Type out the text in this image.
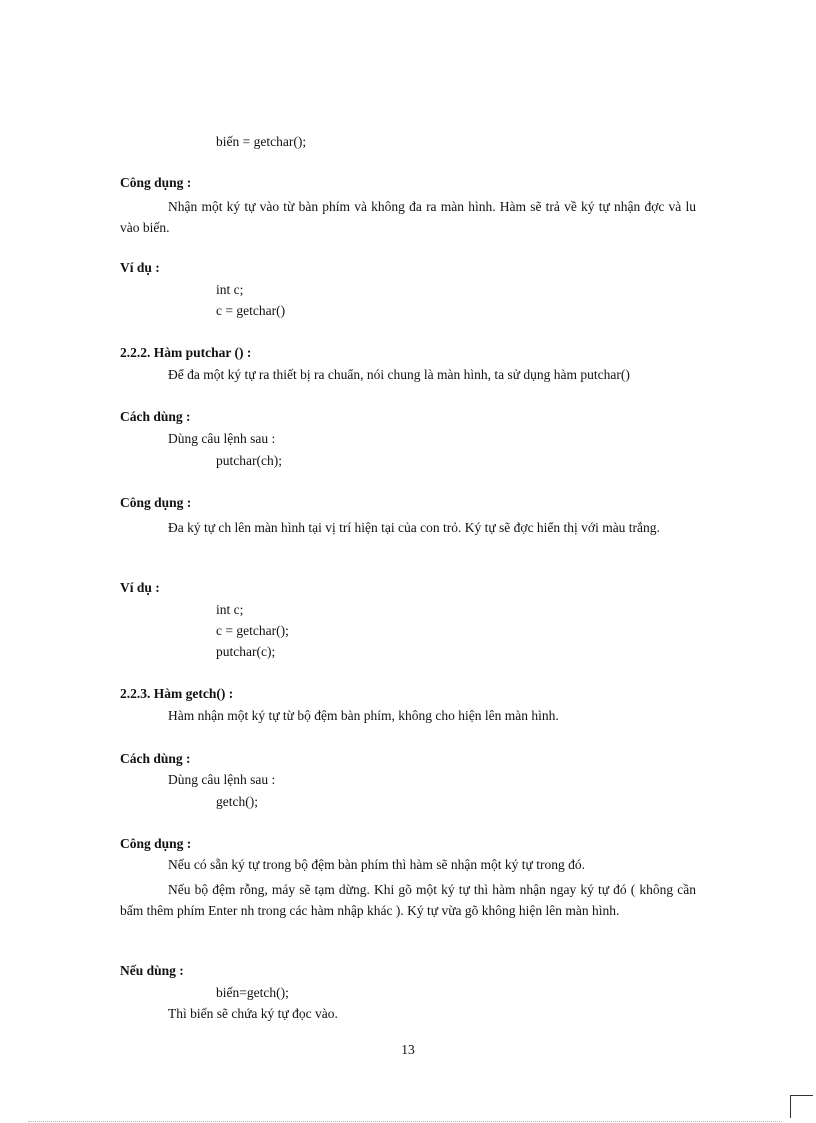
biến = getchar();
Công dụng :
Nhận một ký tự vào từ bàn phím và không đa ra màn hình. Hàm sẽ trả về ký tự nhận đợc và lu vào biến.
Ví dụ :
int c;
c = getchar()
2.2.2. Hàm putchar () :
Để đa một ký tự ra thiết bị ra chuẩn, nói chung là màn hình, ta sử dụng hàm putchar()
Cách dùng :
Dùng câu lệnh sau :
putchar(ch);
Công dụng :
Đa ký tự ch lên màn hình tại vị trí hiện tại của con trỏ. Ký tự sẽ đợc hiển thị với màu trắng.
Ví dụ :
int c;
c = getchar();
putchar(c);
2.2.3. Hàm getch() :
Hàm nhận một ký tự từ bộ đệm bàn phím, không cho hiện lên màn hình.
Cách dùng :
Dùng câu lệnh sau :
getch();
Công dụng :
Nếu có sẵn ký tự trong bộ đệm bàn phím thì hàm sẽ nhận một ký tự trong đó.
Nếu bộ đệm rỗng, máy sẽ tạm dừng. Khi gõ một ký tự thì hàm nhận ngay ký tự đó ( không cần bấm thêm phím Enter nh trong các hàm nhập khác ). Ký tự vừa gõ không hiện lên màn hình.
Nếu dùng :
biến=getch();
Thì biến sẽ chứa ký tự đọc vào.
13
